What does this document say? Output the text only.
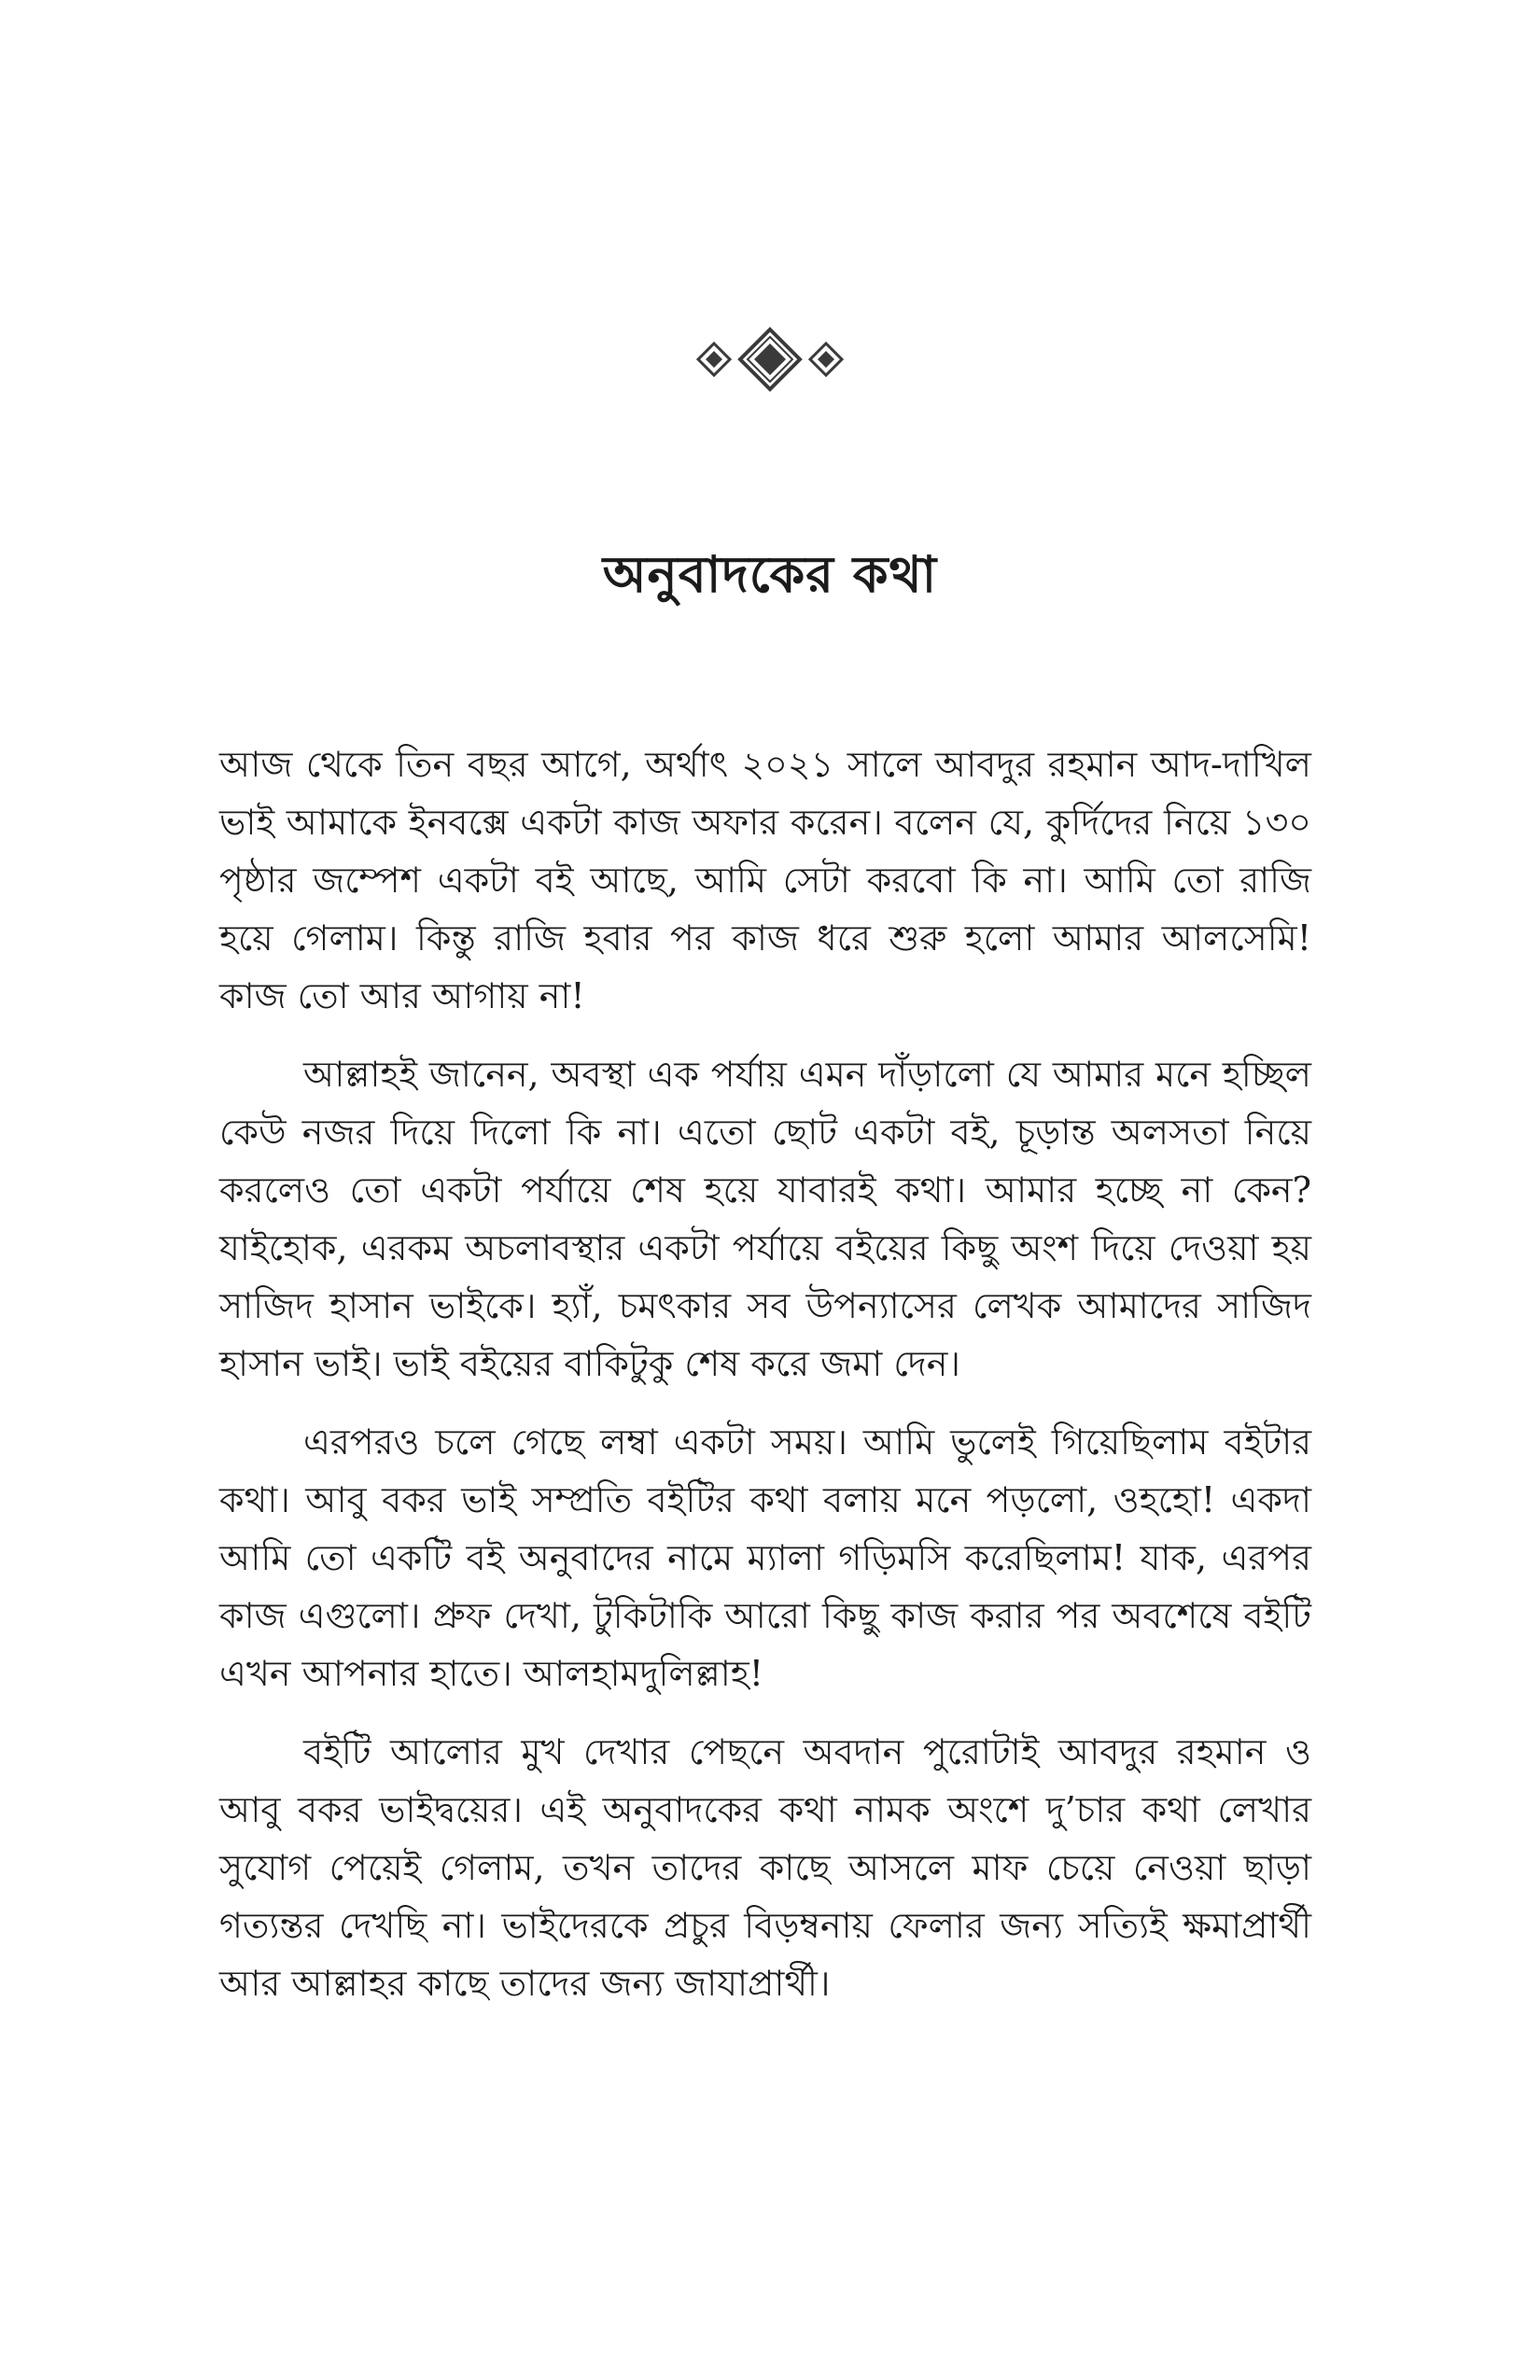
অনুবাদকের কথা

আজ থেকে তিন বছর আগে, অর্থাৎ ২০২১ সালে আবদুর রহমান আদ-দাখিল ভাই আমাকে ইনবক্সে একটা কাজ অফার করেন। বলেন যে, কুর্দিদের নিয়ে ১৩০ পৃষ্ঠার জম্পেশ একটা বই আছে, আমি সেটা করবো কি না। আমি তো রাজি হয়ে গেলাম। কিন্তু রাজি হবার পর কাজ ধরে শুরু হলো আমার আলসেমি! কাজ তো আর আগায় না!

আল্লাহই জানেন, অবস্থা এক পর্যায় এমন দাঁড়ালো যে আমার মনে হচ্ছিল কেউ নজর দিয়ে দিলো কি না। এতো ছোট একটা বই, চূড়ান্ত অলসতা নিয়ে করলেও তো একটা পর্যায়ে শেষ হয়ে যাবারই কথা। আমার হচ্ছে না কেন? যাইহোক, এরকম অচলাবস্থার একটা পর্যায়ে বইয়ের কিছু অংশ দিয়ে দেওয়া হয় সাজিদ হাসান ভাইকে। হ্যাঁ, চমৎকার সব উপন্যাসের লেখক আমাদের সাজিদ হাসান ভাই। ভাই বইয়ের বাকিটুকু শেষ করে জমা দেন।

এরপরও চলে গেছে লম্বা একটা সময়। আমি ভুলেই গিয়েছিলাম বইটার কথা। আবু বকর ভাই সম্প্রতি বইটির কথা বলায় মনে পড়লো, ওহহো! একদা আমি তো একটি বই অনুবাদের নামে ম্যালা গড়িমসি করেছিলাম! যাক, এরপর কাজ এগুলো। প্রুফ দেখা, টুকিটাকি আরো কিছু কাজ করার পর অবশেষে বইটি এখন আপনার হাতে। আলহামদুলিল্লাহ!

বইটি আলোর মুখ দেখার পেছনে অবদান পুরোটাই আবদুর রহমান ও আবু বকর ভাইদ্বয়ের। এই অনুবাদকের কথা নামক অংশে দু’চার কথা লেখার সুযোগ পেয়েই গেলাম, তখন তাদের কাছে আসলে মাফ চেয়ে নেওয়া ছাড়া গত্যন্তর দেখছি না। ভাইদেরকে প্রচুর বিড়ম্বনায় ফেলার জন্য সত্যিই ক্ষমাপ্রার্থী আর আল্লাহর কাছে তাদের জন্য জাযাপ্রার্থী।
